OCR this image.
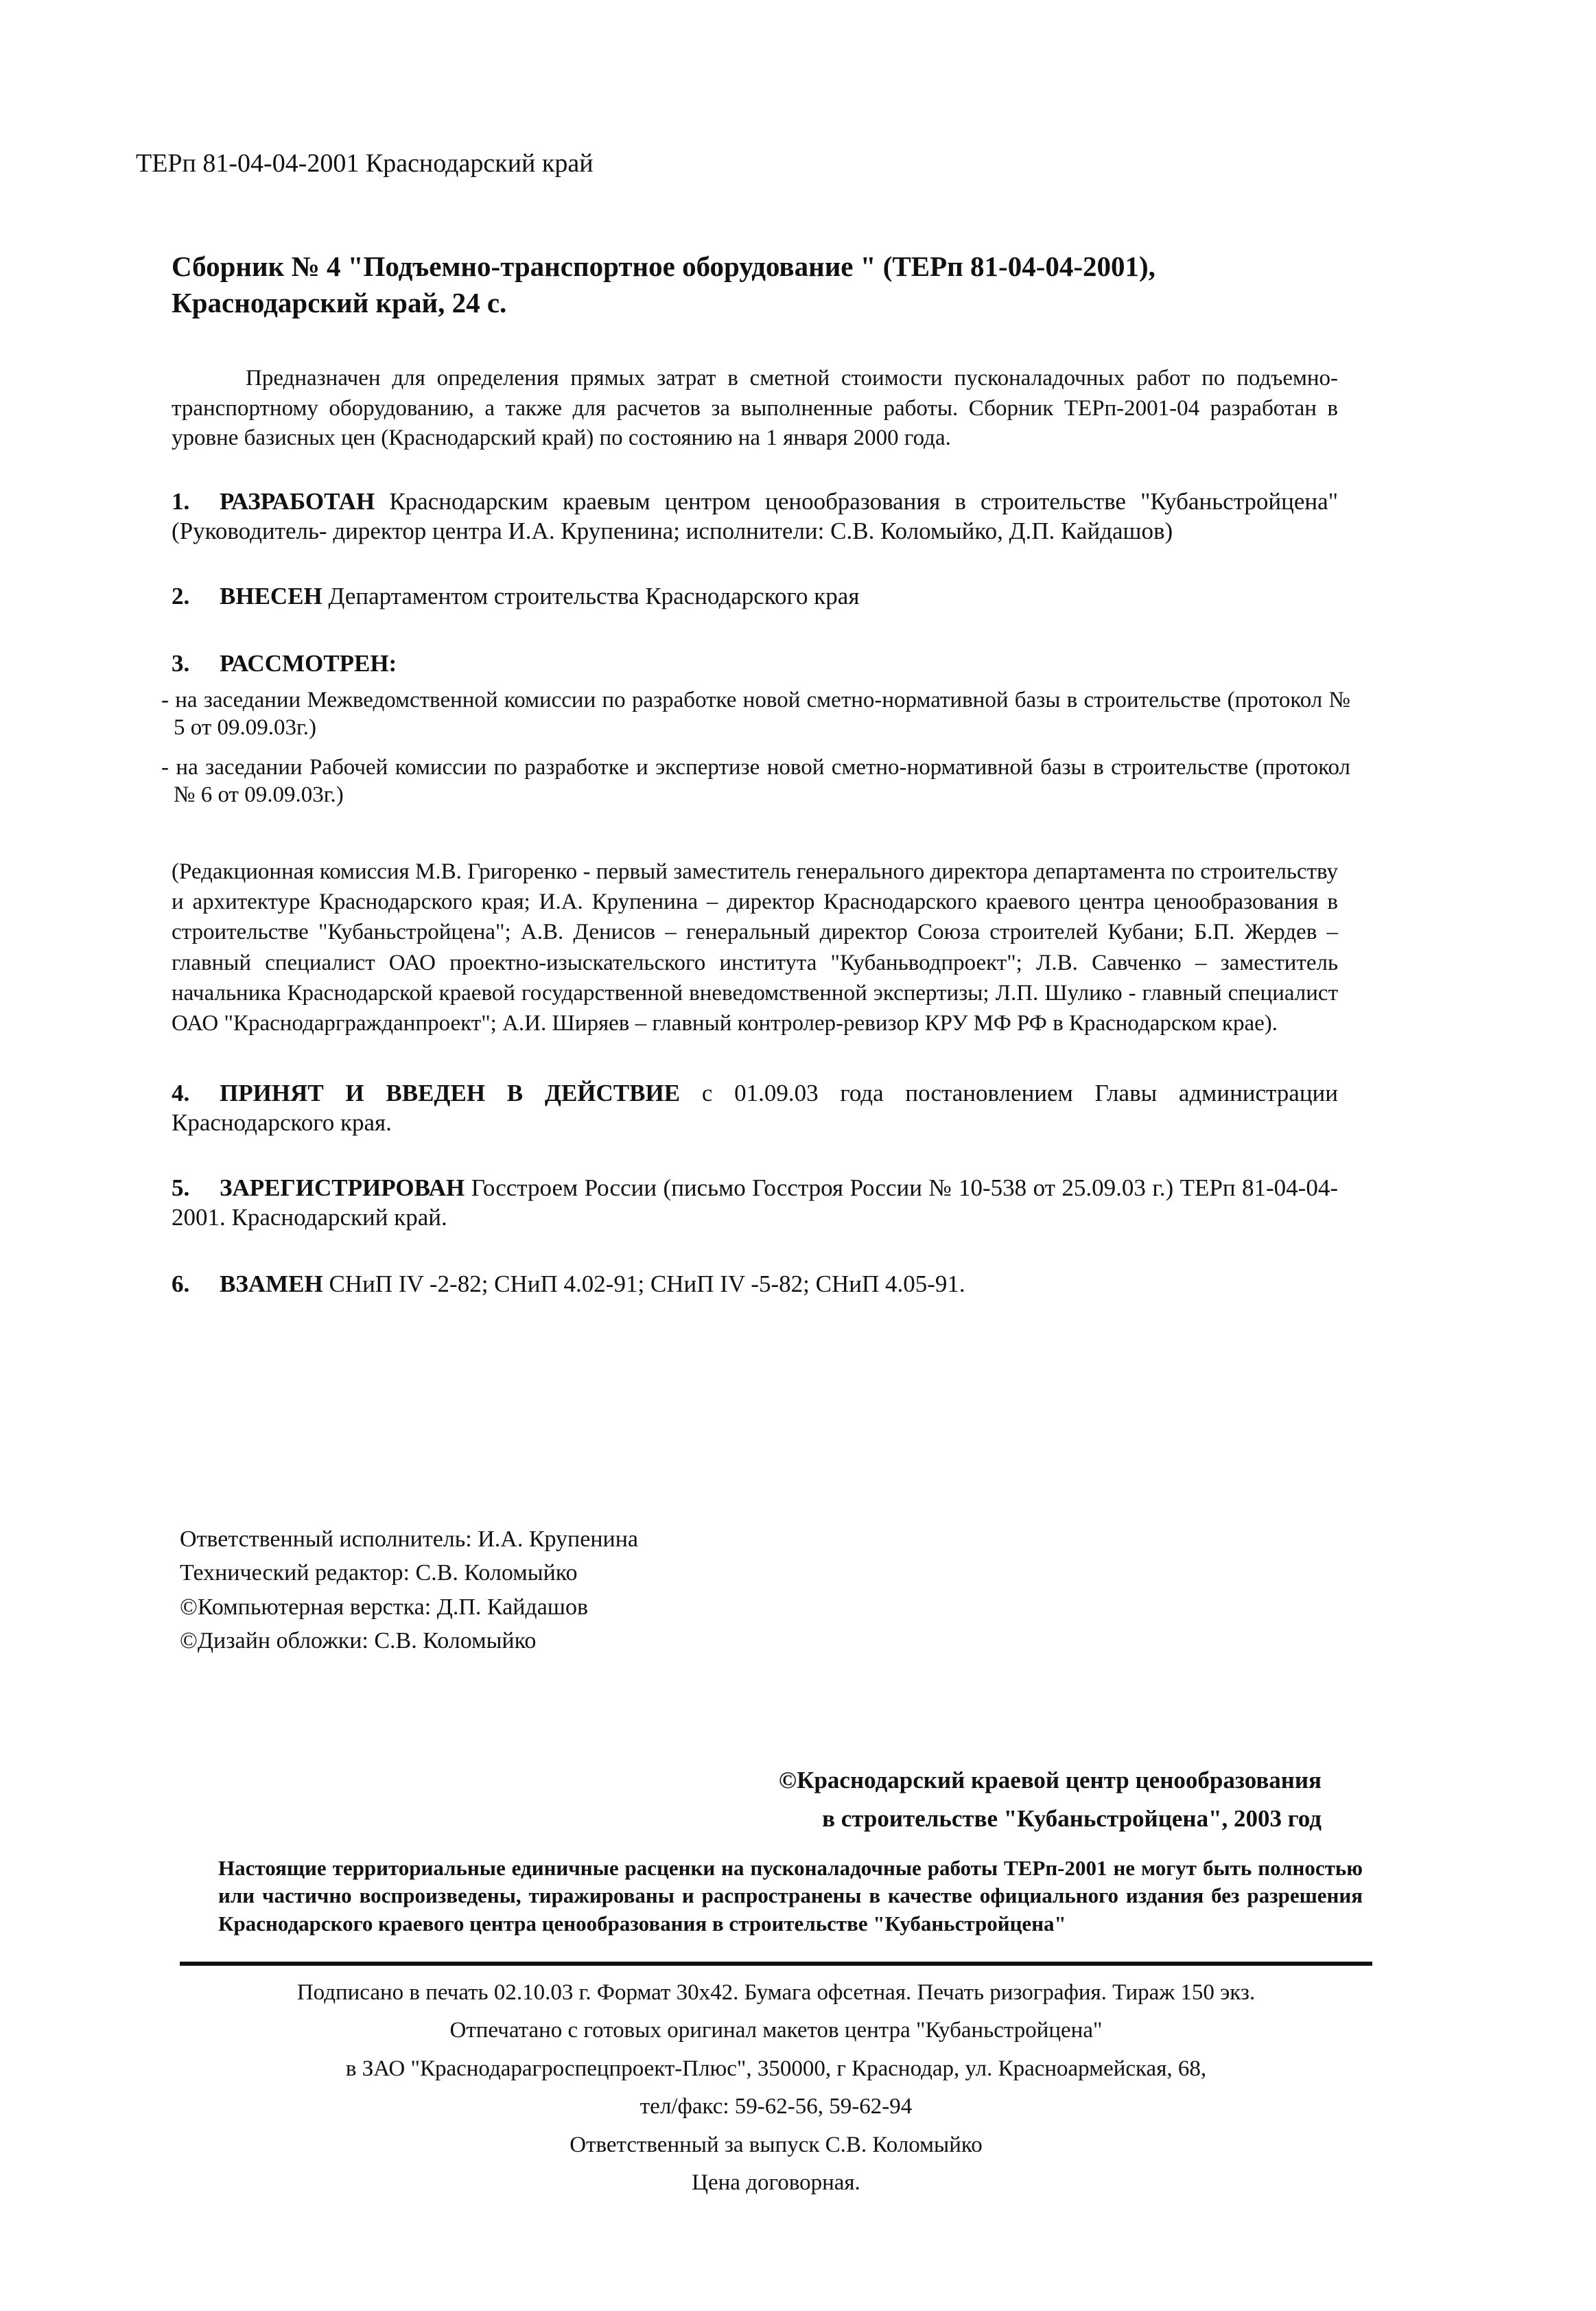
ТЕРп 81-04-04-2001 Краснодарский край
Сборник № 4 "Подъемно-транспортное оборудование " (ТЕРп 81-04-04-2001),
Краснодарский край, 24 с.
Предназначен для определения прямых затрат в сметной стоимости пусконаладочных работ по подъемно-транспортному оборудованию, а также для расчетов за выполненные работы. Сборник ТЕРп-2001-04 разработан в уровне базисных цен (Краснодарский край) по состоянию на 1 января 2000 года.
1. РАЗРАБОТАН Краснодарским краевым центром ценообразования в строительстве "Кубаньстройцена" (Руководитель- директор центра И.А. Крупенина; исполнители: С.В. Коломыйко, Д.П. Кайдашов)
2. ВНЕСЕН Департаментом строительства Краснодарского края
3. РАССМОТРЕН:
- на заседании Межведомственной комиссии по разработке новой сметно-нормативной базы в строительстве (протокол № 5 от 09.09.03г.)
- на заседании Рабочей комиссии по разработке и экспертизе новой сметно-нормативной базы в строительстве (протокол № 6 от 09.09.03г.)
(Редакционная комиссия М.В. Григоренко - первый заместитель генерального директора департамента по строительству и архитектуре Краснодарского края; И.А. Крупенина – директор Краснодарского краевого центра ценообразования в строительстве "Кубаньстройцена"; А.В. Денисов – генеральный директор Союза строителей Кубани; Б.П. Жердев – главный специалист ОАО проектно-изыскательского института "Кубаньводпроект"; Л.В. Савченко – заместитель начальника Краснодарской краевой государственной вневедомственной экспертизы; Л.П. Шулико - главный специалист ОАО "Краснодаргражданпроект"; А.И. Ширяев – главный контролер-ревизор КРУ МФ РФ в Краснодарском крае).
4. ПРИНЯТ И ВВЕДЕН В ДЕЙСТВИЕ с 01.09.03 года постановлением Главы администрации Краснодарского края.
5. ЗАРЕГИСТРИРОВАН Госстроем России (письмо Госстроя России № 10-538 от 25.09.03 г.) ТЕРп 81-04-04-2001. Краснодарский край.
6. ВЗАМЕН СНиП IV -2-82; СНиП 4.02-91; СНиП IV -5-82; СНиП 4.05-91.
Ответственный исполнитель: И.А. Крупенина
Технический редактор: С.В. Коломыйко
©Компьютерная верстка: Д.П. Кайдашов
©Дизайн обложки: С.В. Коломыйко
©Краснодарский краевой центр ценообразования
в строительстве "Кубаньстройцена", 2003 год
Настоящие территориальные единичные расценки на пусконаладочные работы ТЕРп-2001 не могут быть полностью или частично воспроизведены, тиражированы и распространены в качестве официального издания без разрешения Краснодарского краевого центра ценообразования в строительстве "Кубаньстройцена"
Подписано в печать 02.10.03 г. Формат 30х42. Бумага офсетная. Печать ризография. Тираж 150 экз.
Отпечатано с готовых оригинал макетов центра "Кубаньстройцена"
в ЗАО "Краснодарагроспецпроект-Плюс", 350000, г Краснодар, ул. Красноармейская, 68,
тел/факс: 59-62-56, 59-62-94
Ответственный за выпуск С.В. Коломыйко
Цена договорная.
